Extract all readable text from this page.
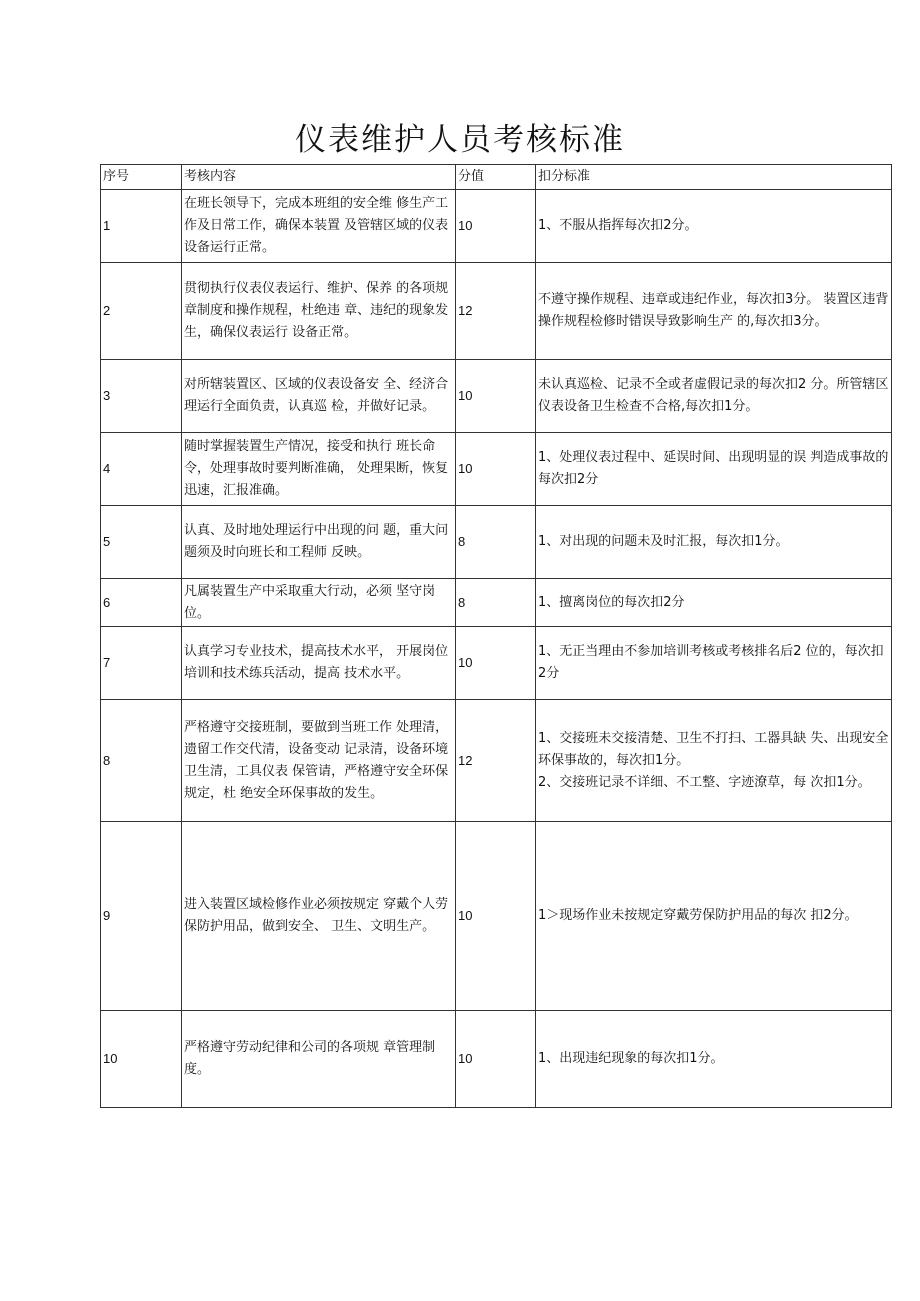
仪表维护人员考核标准
序号	考核内容	分值	扣分标准
1	在班长领导下，完成本班组的安全维 修生产工作及日常工作，确保本装置 及管辖区域的仪表设备运行正常。	10	1、不服从指挥每次扣2分。
2	贯彻执行仪表仪表运行、维护、保养 的各项规章制度和操作规程，杜绝违 章、违纪的现象发生，确保仪表运行 设备正常。	12	不遵守操作规程、违章或违纪作业，每次扣3分。 装置区违背操作规程检修时错误导致影响生产 的,每次扣3分。
3	对所辖装置区、区域的仪表设备安 全、经济合理运行全面负责，认真巡 检，并做好记录。	10	未认真巡检、记录不全或者虚假记录的每次扣2 分。所管辖区仪表设备卫生检查不合格,每次扣1分。
4	随时掌握装置生产情况，接受和执行 班长命令，处理事故时要判断准确， 处理果断，恢复迅速，汇报准确。	10	1、处理仪表过程中、延误时间、出现明显的误 判造成事故的每次扣2分
5	认真、及时地处理运行中出现的问 题，重大问题须及时向班长和工程师 反映。	8	1、对出现的问题未及时汇报，每次扣1分。
6	凡属装置生产中采取重大行动，必须 坚守岗位。	8	1、擅离岗位的每次扣2分
7	认真学习专业技术，提高技术水平， 开展岗位培训和技术练兵活动，提高 技术水平。	10	1、无正当理由不参加培训考核或考核排名后2 位的，每次扣2分
8	严格遵守交接班制，要做到当班工作 处理清，遗留工作交代清，设备变动 记录清，设备环境卫生清，工具仪表 保管请，严格遵守安全环保规定，杜 绝安全环保事故的发生。	12	1、交接班未交接清楚、卫生不打扫、工器具缺 失、出现安全环保事故的，每次扣1分。
2、交接班记录不详细、不工整、字迹潦草，每 次扣1分。
9	进入装置区域检修作业必须按规定 穿戴个人劳保防护用品，做到安全、 卫生、文明生产。	10	1＞现场作业未按规定穿戴劳保防护用品的每次 扣2分。
10	严格遵守劳动纪律和公司的各项规 章管理制度。	10	1、出现违纪现象的每次扣1分。
